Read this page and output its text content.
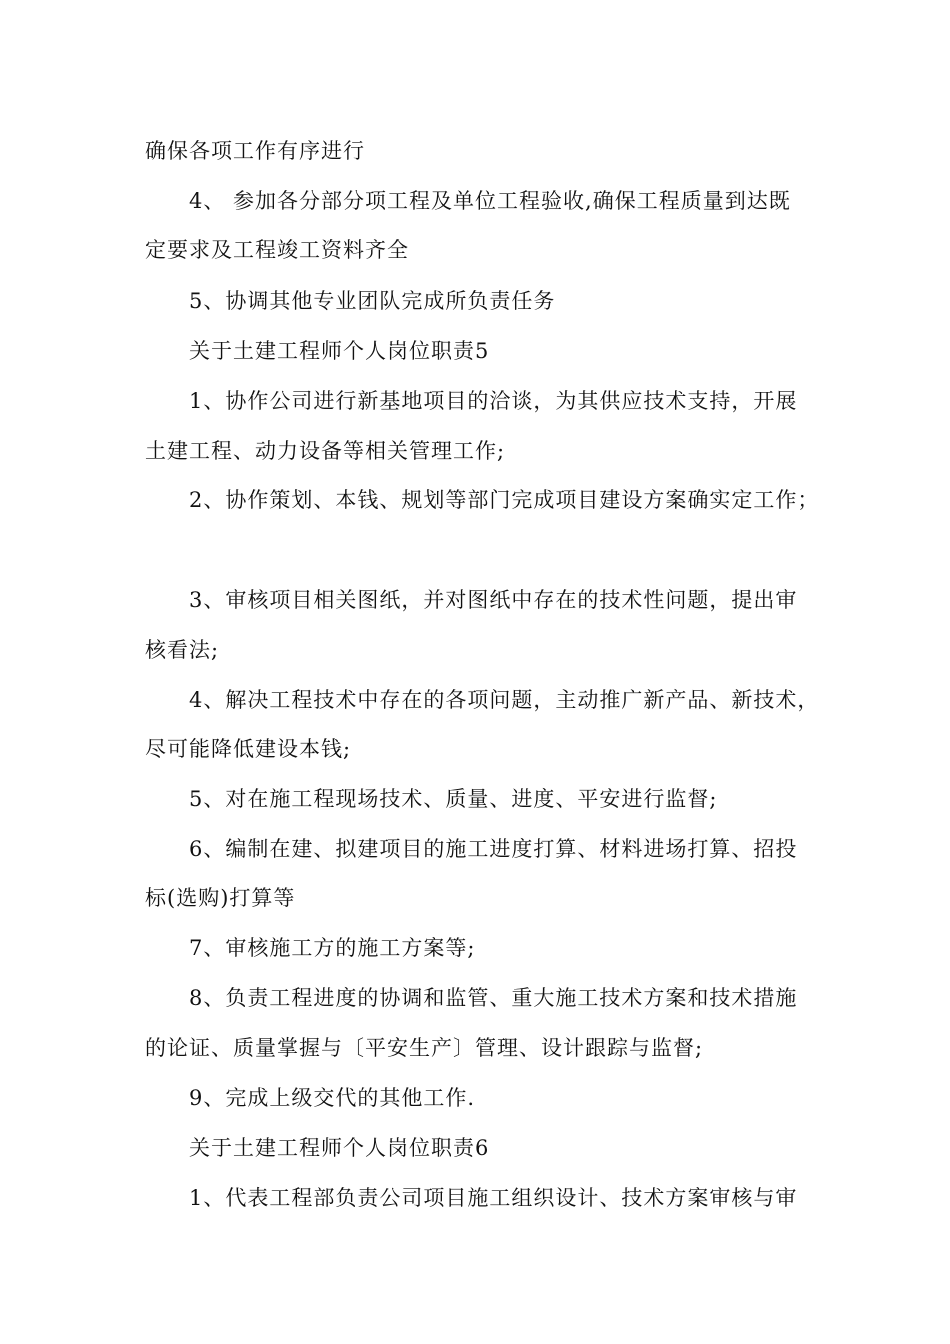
确保各项工作有序进行
4、 参加各分部分项工程及单位工程验收,确保工程质量到达既
定要求及工程竣工资料齐全
5、协调其他专业团队完成所负责任务
关于土建工程师个人岗位职责5
1、协作公司进行新基地项目的洽谈，为其供应技术支持，开展
土建工程、动力设备等相关管理工作;
2、协作策划、本钱、规划等部门完成项目建设方案确实定工作；
3、审核项目相关图纸，并对图纸中存在的技术性问题，提出审
核看法;
4、解决工程技术中存在的各项问题，主动推广新产品、新技术，
尽可能降低建设本钱;
5、对在施工程现场技术、质量、进度、平安进行监督;
6、编制在建、拟建项目的施工进度打算、材料进场打算、招投
标(选购)打算等
7、审核施工方的施工方案等;
8、负责工程进度的协调和监管、重大施工技术方案和技术措施
的论证、质量掌握与〔平安生产〕管理、设计跟踪与监督;
9、完成上级交代的其他工作.
关于土建工程师个人岗位职责6
1、代表工程部负责公司项目施工组织设计、技术方案审核与审
